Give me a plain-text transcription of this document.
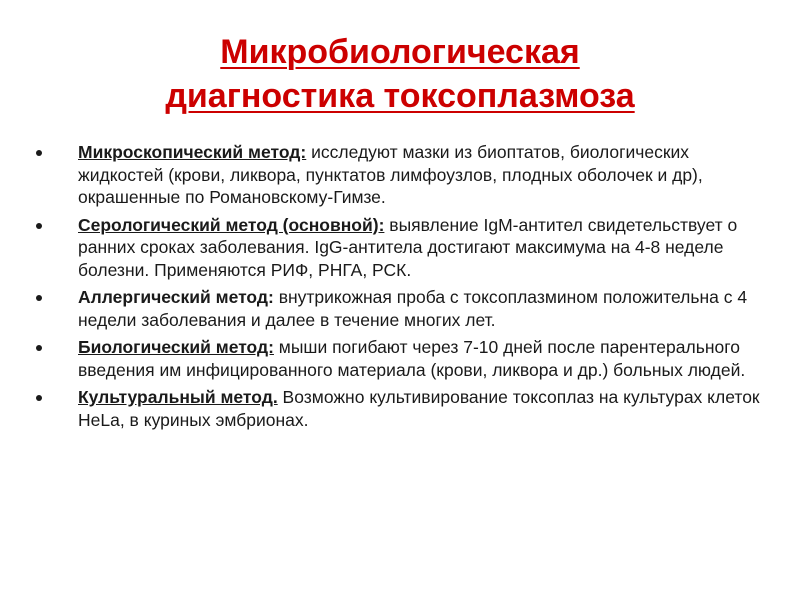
Микробиологическая
диагностика токсоплазмоза
Микроскопический метод: исследуют мазки из биоптатов, биологических жидкостей (крови, ликвора, пунктатов лимфоузлов, плодных оболочек и др), окрашенные по Романовскому-Гимзе.
Серологический метод (основной): выявление IgM-антител свидетельствует о ранних сроках заболевания. IgG-антитела достигают максимума на 4-8 неделе болезни. Применяются РИФ, РНГА, РСК.
Аллергический метод: внутрикожная проба с токсоплазмином положительна с 4 недели заболевания и далее в течение многих лет.
Биологический метод: мыши погибают через 7-10 дней после парентерального введения им инфицированного материала (крови, ликвора и др.) больных людей.
Культуральный метод. Возможно культивирование токсоплаз на культурах клеток HeLa, в куриных эмбрионах.
